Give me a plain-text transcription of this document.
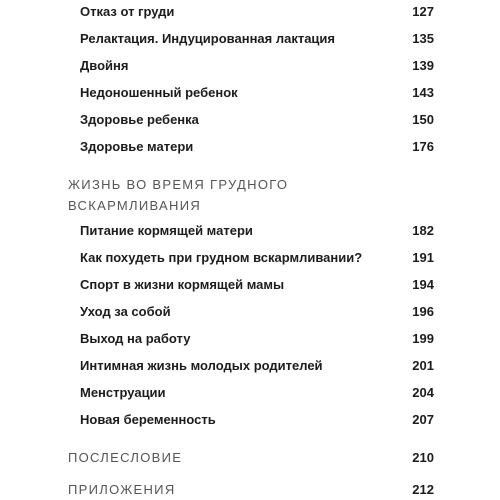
Отказ от груди	127
Релактация. Индуцированная лактация	135
Двойня	139
Недоношенный ребенок	143
Здоровье ребенка	150
Здоровье матери	176
ЖИЗНЬ ВО ВРЕМЯ ГРУДНОГО
ВСКАРМЛИВАНИЯ
Питание кормящей матери	182
Как похудеть при грудном вскармливании?	191
Спорт в жизни кормящей мамы	194
Уход за собой	196
Выход на работу	199
Интимная жизнь молодых родителей	201
Менструации	204
Новая беременность	207
ПОСЛЕСЛОВИЕ	210
ПРИЛОЖЕНИЯ	212
